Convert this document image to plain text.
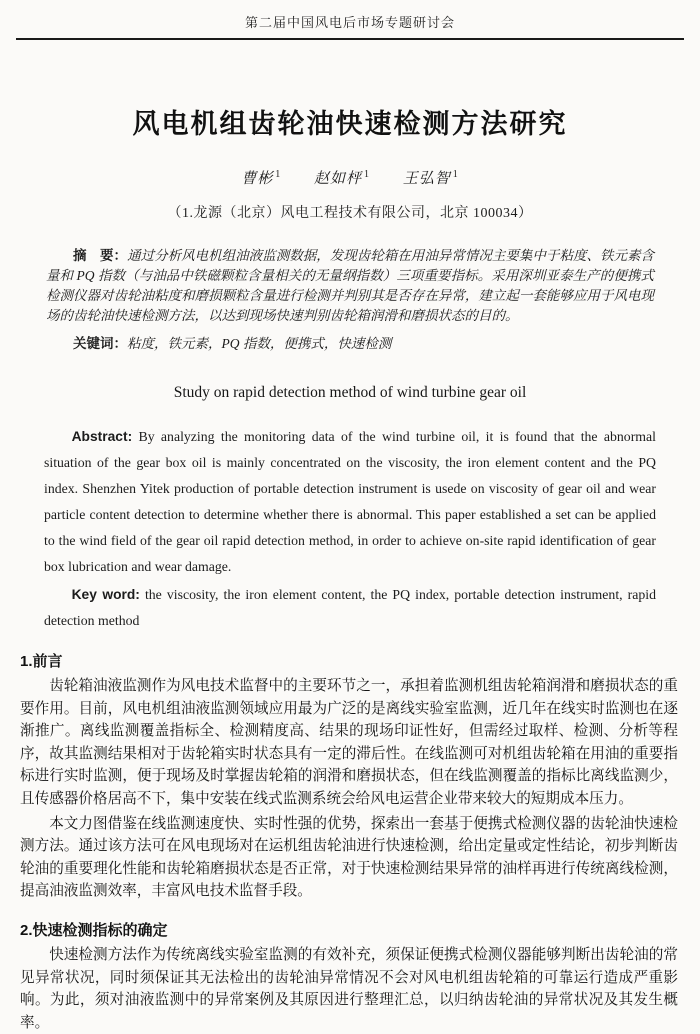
第二届中国风电后市场专题研讨会
风电机组齿轮油快速检测方法研究
曹彬 $^1$ 赵如枰 $^1$ 王弘智 $^1$
（1.龙源（北京）风电工程技术有限公司，北京 100034）

摘　要：通过分析风电机组油液监测数据，发现齿轮箱在用油异常情况主要集中于粘度、铁元素含量和 PQ 指数（与油品中铁磁颗粒含量相关的无量纲指数）三项重要指标。采用深圳亚泰生产的便携式检测仪器对齿轮油粘度和磨损颗粒含量进行检测并判别其是否存在异常，建立起一套能够应用于风电现场的齿轮油快速检测方法，以达到现场快速判别齿轮箱润滑和磨损状态的目的。

关键词：粘度，铁元素，PQ 指数，便携式，快速检测
Study on rapid detection method of wind turbine gear oil

Abstract: By analyzing the monitoring data of the wind turbine oil, it is found that the abnormal situation of the gear box oil is mainly concentrated on the viscosity, the iron element content and the PQ index. Shenzhen Yitek production of portable detection instrument is usede on viscosity of gear oil and wear particle content detection to determine whether there is abnormal. This paper established a set can be applied to the wind field of the gear oil rapid detection method, in order to achieve on-site rapid identification of gear box lubrication and wear damage.

Key word: the viscosity, the iron element content, the PQ index, portable detection instrument, rapid detection method
1.前言

齿轮箱油液监测作为风电技术监督中的主要环节之一，承担着监测机组齿轮箱润滑和磨损状态的重要作用。目前，风电机组油液监测领域应用最为广泛的是离线实验室监测，近几年在线实时监测也在逐渐推广。离线监测覆盖指标全、检测精度高、结果的现场印证性好，但需经过取样、检测、分析等程序，故其监测结果相对于齿轮箱实时状态具有一定的滞后性。在线监测可对机组齿轮箱在用油的重要指标进行实时监测，便于现场及时掌握齿轮箱的润滑和磨损状态，但在线监测覆盖的指标比离线监测少，且传感器价格居高不下，集中安装在线式监测系统会给风电运营企业带来较大的短期成本压力。

本文力图借鉴在线监测速度快、实时性强的优势，探索出一套基于便携式检测仪器的齿轮油快速检测方法。通过该方法可在风电现场对在运机组齿轮油进行快速检测，给出定量或定性结论，初步判断齿轮油的重要理化性能和齿轮箱磨损状态是否正常，对于快速检测结果异常的油样再进行传统离线检测，提高油液监测效率，丰富风电技术监督手段。

2.快速检测指标的确定

快速检测方法作为传统离线实验室监测的有效补充，须保证便携式检测仪器能够判断出齿轮油的常见异常状况，同时须保证其无法检出的齿轮油异常情况不会对风电机组齿轮箱的可靠运行造成严重影响。为此，须对油液监测中的异常案例及其原因进行整理汇总，以归纳齿轮油的异常状况及其发生概率。
